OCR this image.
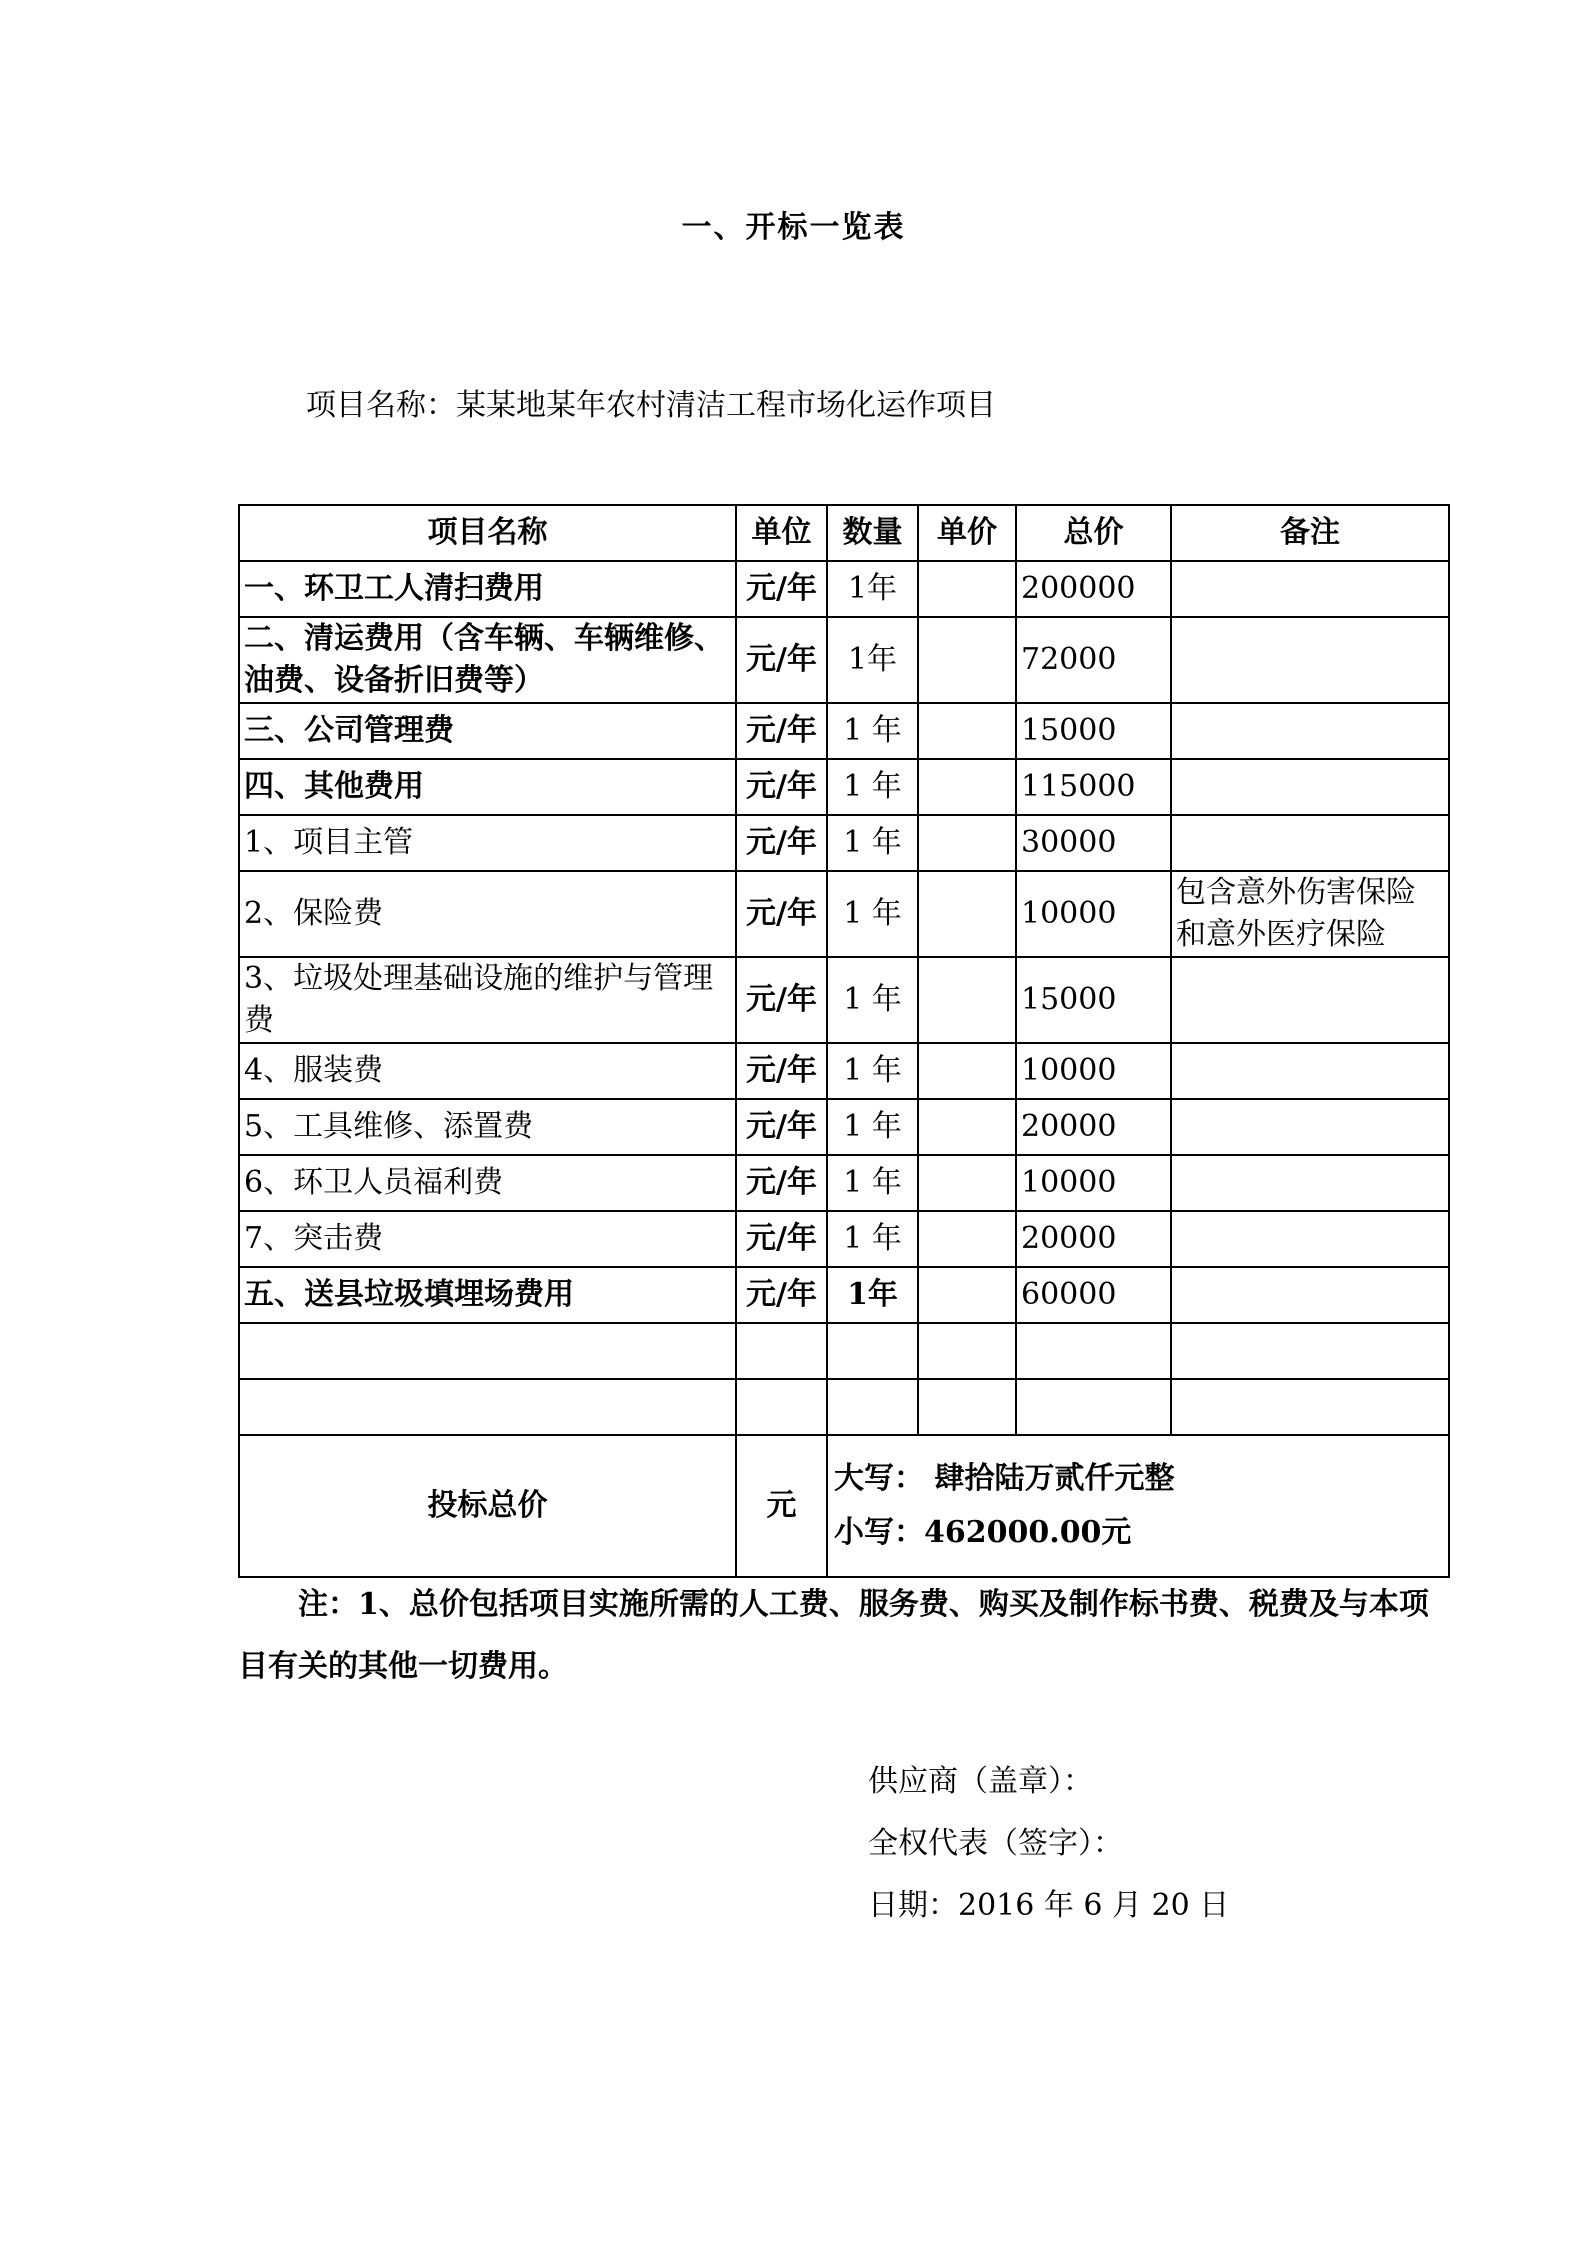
一、开标一览表
项目名称：某某地某年农村清洁工程市场化运作项目
项目名称	单位	数量	单价	总价	备注
一、环卫工人清扫费用	元/年	1年		200000	
二、清运费用（含车辆、车辆维修、油费、设备折旧费等）	元/年	1年		72000	
三、公司管理费	元/年	1 年		15000	
四、其他费用	元/年	1 年		115000	
1、项目主管	元/年	1 年		30000	
2、保险费	元/年	1 年		10000	包含意外伤害保险和意外医疗保险
3、垃圾处理基础设施的维护与管理费	元/年	1 年		15000	
4、服装费	元/年	1 年		10000	
5、工具维修、添置费	元/年	1 年		20000	
6、环卫人员福利费	元/年	1 年		10000	
7、突击费	元/年	1 年		20000	
五、送县垃圾填埋场费用	元/年	1年		60000	

投标总价	元	大写： 肆拾陆万贰仟元整
小写：462000.00元			
注：1、总价包括项目实施所需的人工费、服务费、购买及制作标书费、税费及与本项目有关的其他一切费用。
供应商（盖章）：
全权代表（签字）：
日期：2016 年 6 月 20 日
